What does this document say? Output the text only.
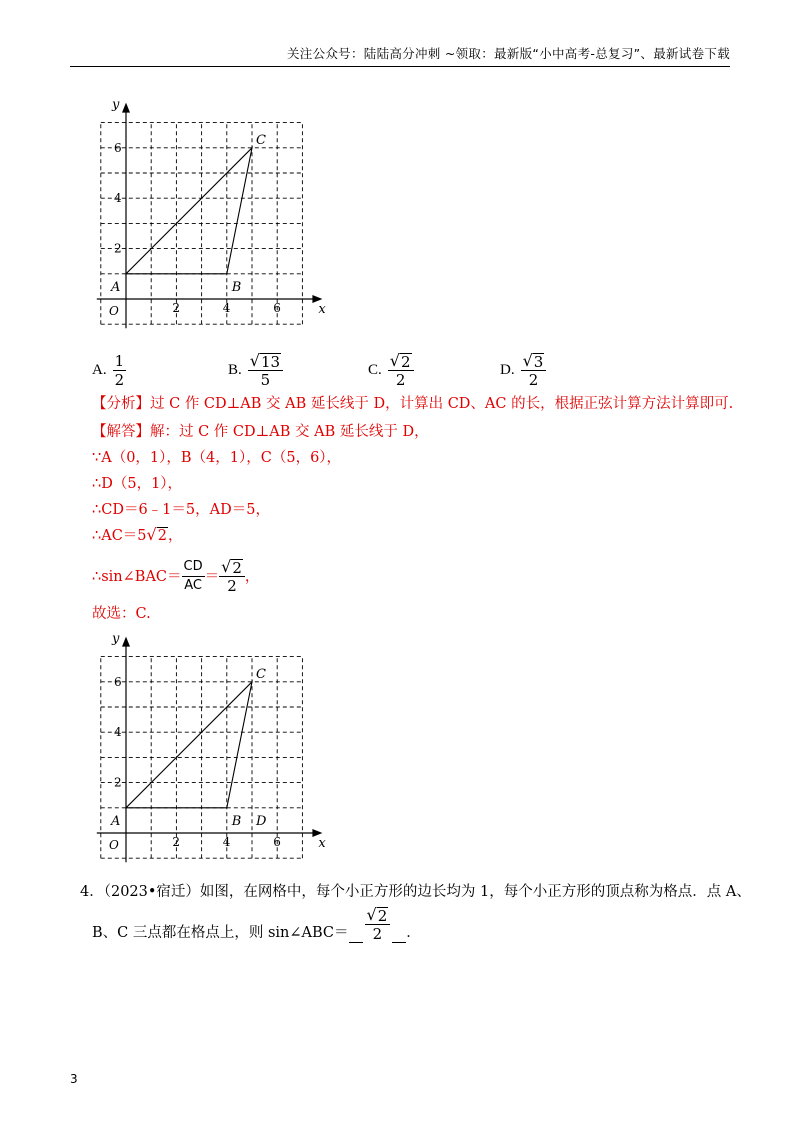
关注公众号：陆陆高分冲刺 ~领取：最新版“小中高考-总复习”、最新试卷下载
x
y
O	2
2
4
4
6
6
A	B
C
x
y
O	2
2
4
4
6
6
A	B
C
D
A. $\frac{1}{2}$	B. $\frac{√ 13}{5}$	C. $\frac{√ 2}{2}$	D. $\frac{√ 3}{2}$
【分析】过 C 作 CD⊥AB 交 AB 延长线于 D，计算出 CD、AC 的长，根据正弦计算方法计算即可.
【解答】解：过 C 作 CD⊥AB 交 AB 延长线于 D，
∵A（0，1），B（4，1），C（5，6），
∴D（5，1），
∴CD＝6﹣1＝5，AD＝5，
∴AC＝5 √ 2 ，
∴sin∠BAC＝ $\frac{CD}{AC} = \frac{√ 2}{2}$ ，
故选：C.
4．（2023•宿迁）如图，在网格中，每个小正方形的边长均为 1，每个小正方形的顶点称为格点．点 A、
B、C 三点都在格点上，则 sin∠ABC＝ $\frac{√ 2}{2}$ ．
3
